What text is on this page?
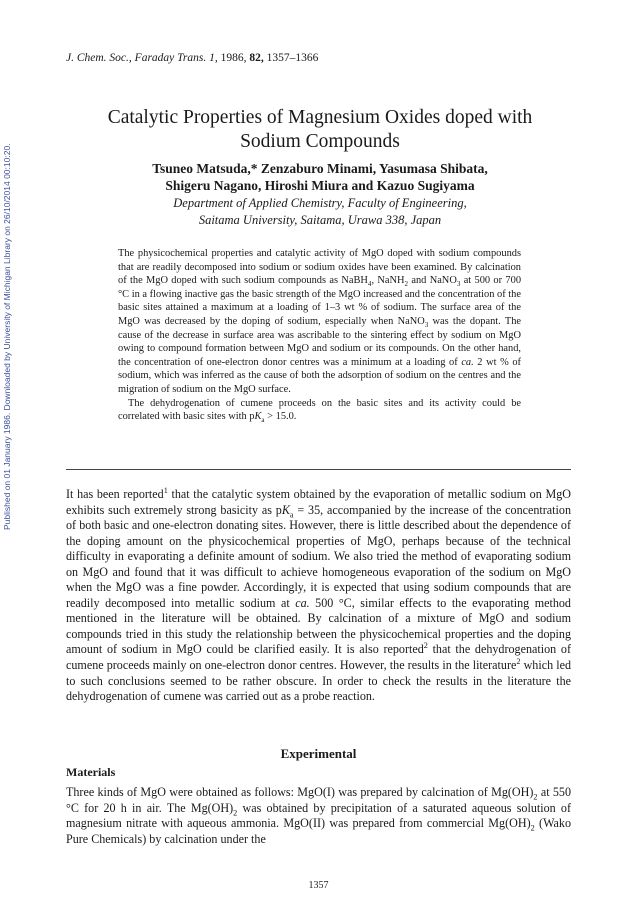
Published on 01 January 1986. Downloaded by University of Michigan Library on 26/10/2014 00:10:20.

J. Chem. Soc., Faraday Trans. 1, 1986, 82, 1357–1366

Catalytic Properties of Magnesium Oxides doped with Sodium Compounds
Tsuneo Matsuda,* Zenzaburo Minami, Yasumasa Shibata,
Shigeru Nagano, Hiroshi Miura and Kazuo Sugiyama
Department of Applied Chemistry, Faculty of Engineering,
Saitama University, Saitama, Urawa 338, Japan

The physicochemical properties and catalytic activity of MgO doped with sodium compounds that are readily decomposed into sodium or sodium oxides have been examined. By calcination of the MgO doped with such sodium compounds as NaBH$_4$, NaNH$_2$ and NaNO$_3$ at 500 or 700 °C in a flowing inactive gas the basic strength of the MgO increased and the concentration of the basic sites attained a maximum at a loading of 1–3 wt % of sodium. The surface area of the MgO was decreased by the doping of sodium, especially when NaNO$_3$ was the dopant. The cause of the decrease in surface area was ascribable to the sintering effect by sodium on MgO owing to compound formation between MgO and sodium or its compounds. On the other hand, the concentration of one-electron donor centres was a minimum at a loading of ca. 2 wt % of sodium, which was inferred as the cause of both the adsorption of sodium on the centres and the migration of sodium on the MgO surface.

The dehydrogenation of cumene proceeds on the basic sites and its activity could be correlated with basic sites with $pK_a > 15.0$.

It has been reported$^1$ that the catalytic system obtained by the evaporation of metallic sodium on MgO exhibits such extremely strong basicity as $pK_a = 35$, accompanied by the increase of the concentration of both basic and one-electron donating sites. However, there is little described about the dependence of the doping amount on the physicochemical properties of MgO, perhaps because of the technical difficulty in evaporating a definite amount of sodium. We also tried the method of evaporating sodium on MgO and found that it was difficult to achieve homogeneous evaporation of the sodium on MgO when the MgO was a fine powder. Accordingly, it is expected that using sodium compounds that are readily decomposed into metallic sodium at ca. 500 °C, similar effects to the evaporating method mentioned in the literature will be obtained. By calcination of a mixture of MgO and sodium compounds tried in this study the relationship between the physicochemical properties and the doping amount of sodium in MgO could be clarified easily. It is also reported$^2$ that the dehydrogenation of cumene proceeds mainly on one-electron donor centres. However, the results in the literature$^2$ which led to such conclusions seemed to be rather obscure. In order to check the results in the literature the dehydrogenation of cumene was carried out as a probe reaction.

Experimental
Materials

Three kinds of MgO were obtained as follows: MgO(I) was prepared by calcination of $Mg(OH)_2$ at 550 °C for 20 h in air. The $Mg(OH)_2$ was obtained by precipitation of a saturated aqueous solution of magnesium nitrate with aqueous ammonia. MgO(II) was prepared from commercial $Mg(OH)_2$ (Wako Pure Chemicals) by calcination under the

1357
